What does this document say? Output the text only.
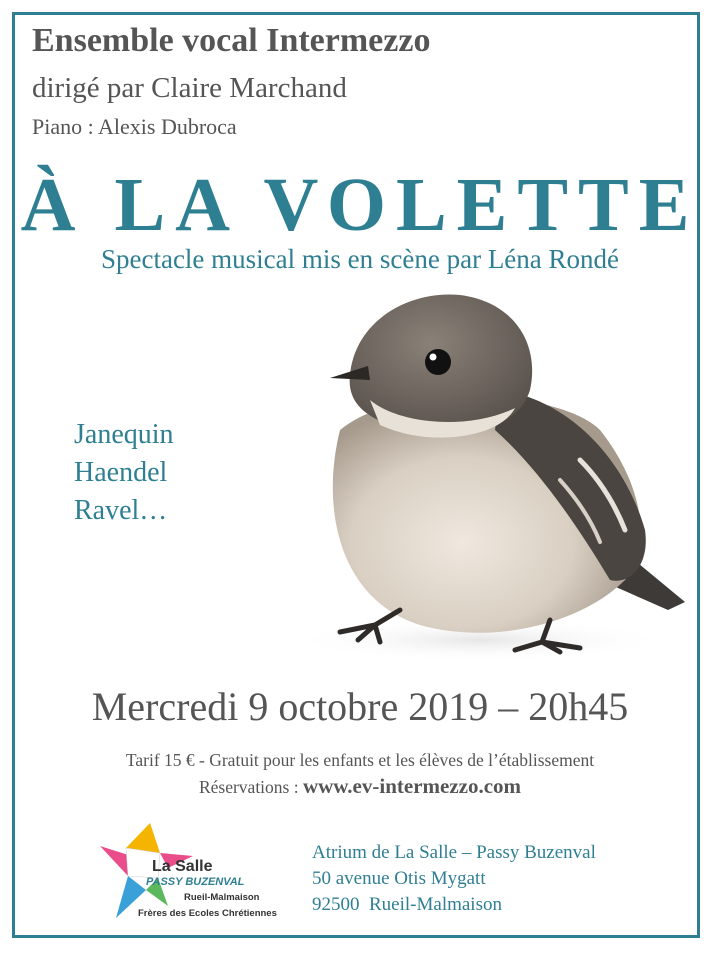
Ensemble vocal Intermezzo
dirigé par Claire Marchand
Piano : Alexis Dubroca
À LA VOLETTE
Spectacle musical mis en scène par Léna Rondé
Janequin
Haendel
Ravel…
Mercredi 9 octobre 2019 – 20h45
Tarif 15 € - Gratuit pour les enfants et les élèves de l’établissement
Réservations : www.ev-intermezzo.com
La Salle
PASSY BUZENVAL
Rueil-Malmaison
Frères des Ecoles Chrétiennes
Atrium de La Salle – Passy Buzenval
50 avenue Otis Mygatt
92500  Rueil-Malmaison
